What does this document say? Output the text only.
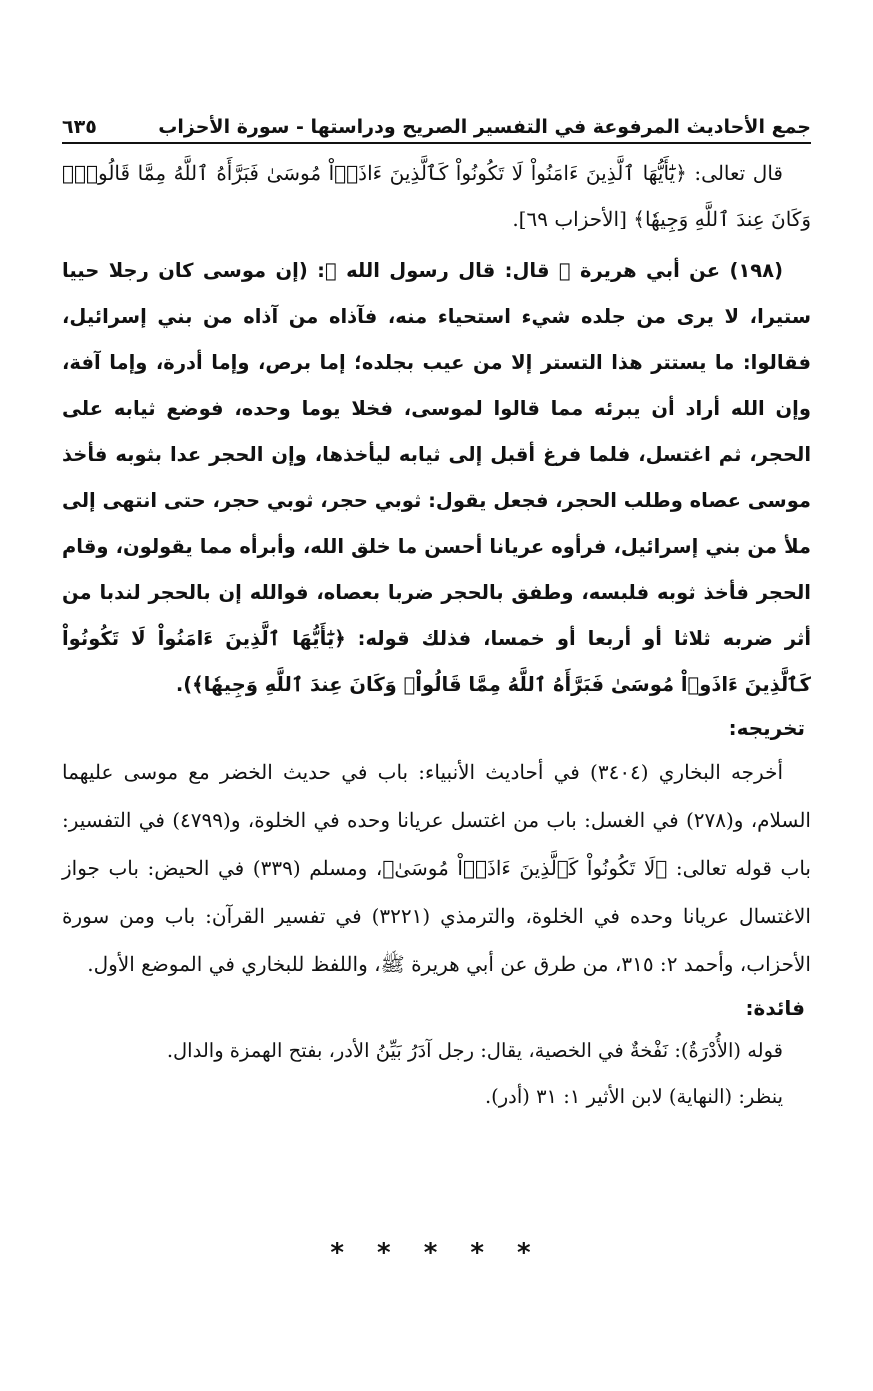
جمع الأحاديث المرفوعة في التفسير الصريح ودراستها - سورة الأحزاب
٦٣٥

قال تعالى: ﴿يَٰٓأَيُّهَا ٱلَّذِينَ ءَامَنُواْ لَا تَكُونُواْ كَٱلَّذِينَ ءَاذَوۡاْ مُوسَىٰ فَبَرَّأَهُ ٱللَّهُ مِمَّا قَالُواْۚ وَكَانَ عِندَ ٱللَّهِ وَجِيهٗا﴾ [الأحزاب ٦٩].

(١٩٨) عن أبي هريرة ﷺ قال: قال رسول الله ﷺ: (إن موسى كان رجلا حييا ستيرا، لا يرى من جلده شيء استحياء منه، فآذاه من آذاه من بني إسرائيل، فقالوا: ما يستتر هذا التستر إلا من عيب بجلده؛ إما برص، وإما أدرة، وإما آفة، وإن الله أراد أن يبرئه مما قالوا لموسى، فخلا يوما وحده، فوضع ثيابه على الحجر، ثم اغتسل، فلما فرغ أقبل إلى ثيابه ليأخذها، وإن الحجر عدا بثوبه فأخذ موسى عصاه وطلب الحجر، فجعل يقول: ثوبي حجر، ثوبي حجر، حتى انتهى إلى ملأ من بني إسرائيل، فرأوه عريانا أحسن ما خلق الله، وأبرأه مما يقولون، وقام الحجر فأخذ ثوبه فلبسه، وطفق بالحجر ضربا بعصاه، فوالله إن بالحجر لندبا من أثر ضربه ثلاثا أو أربعا أو خمسا، فذلك قوله: ﴿يَٰٓأَيُّهَا ٱلَّذِينَ ءَامَنُواْ لَا تَكُونُواْ كَٱلَّذِينَ ءَاذَوۡاْ مُوسَىٰ فَبَرَّأَهُ ٱللَّهُ مِمَّا قَالُواْۚ وَكَانَ عِندَ ٱللَّهِ وَجِيهٗا﴾).

تخريجه:

أخرجه البخاري (٣٤٠٤) في أحاديث الأنبياء: باب في حديث الخضر مع موسى عليهما السلام، و(٢٧٨) في الغسل: باب من اغتسل عريانا وحده في الخلوة، و(٤٧٩٩) في التفسير: باب قوله تعالى: ﴿لَا تَكُونُواْ كَٱلَّذِينَ ءَاذَوۡاْ مُوسَىٰ﴾، ومسلم (٣٣٩) في الحيض: باب جواز الاغتسال عريانا وحده في الخلوة، والترمذي (٣٢٢١) في تفسير القرآن: باب ومن سورة الأحزاب، وأحمد ٢: ٣١٥، من طرق عن أبي هريرة ﷺ، واللفظ للبخاري في الموضع الأول.

فائدة:

قوله (الأُدْرَةُ): نَفْخةٌ في الخصية، يقال: رجل آدَرُ بَيِّنُ الأدر، بفتح الهمزة والدال.

ينظر: (النهاية) لابن الأثير ١: ٣١ (أدر).

* * * * *
